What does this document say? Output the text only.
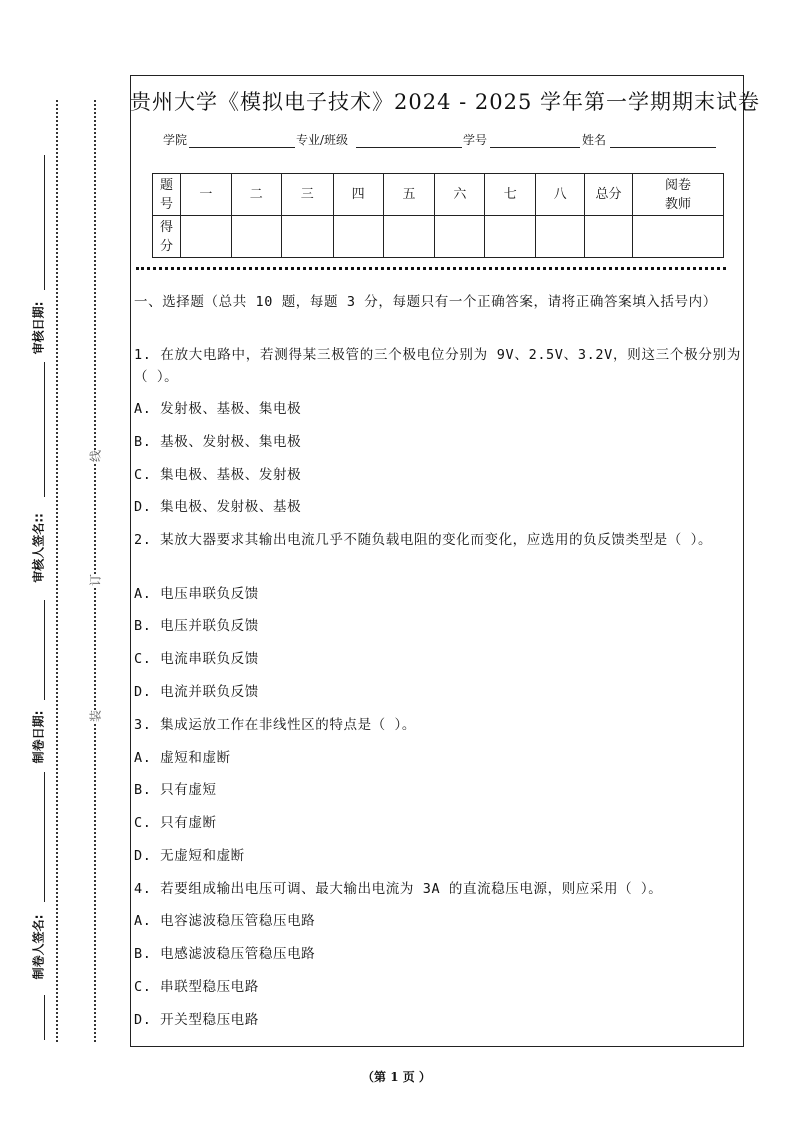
审核日期:
审核人签名::
制卷日期:
制卷人签名:
线
订
装
贵州大学《模拟电子技术》2024 - 2025 学年第一学期期末试卷
学院	专业/班级	学号	姓名
题号	一	二	三	四	五	六	七	八	总分	阅卷教师
得分										
一、选择题（总共 10 题，每题 3 分，每题只有一个正确答案，请将正确答案填入括号内）
1. 在放大电路中，若测得某三极管的三个极电位分别为 9V、2.5V、3.2V，则这三个极分别为（ ）。
A. 发射极、基极、集电极
B. 基极、发射极、集电极
C. 集电极、基极、发射极
D. 集电极、发射极、基极
2. 某放大器要求其输出电流几乎不随负载电阻的变化而变化，应选用的负反馈类型是（ ）。
A. 电压串联负反馈
B. 电压并联负反馈
C. 电流串联负反馈
D. 电流并联负反馈
3. 集成运放工作在非线性区的特点是（ ）。
A. 虚短和虚断
B. 只有虚短
C. 只有虚断
D. 无虚短和虚断
4. 若要组成输出电压可调、最大输出电流为 3A 的直流稳压电源，则应采用（ ）。
A. 电容滤波稳压管稳压电路
B. 电感滤波稳压管稳压电路
C. 串联型稳压电路
D. 开关型稳压电路
（第 1 页 ）
